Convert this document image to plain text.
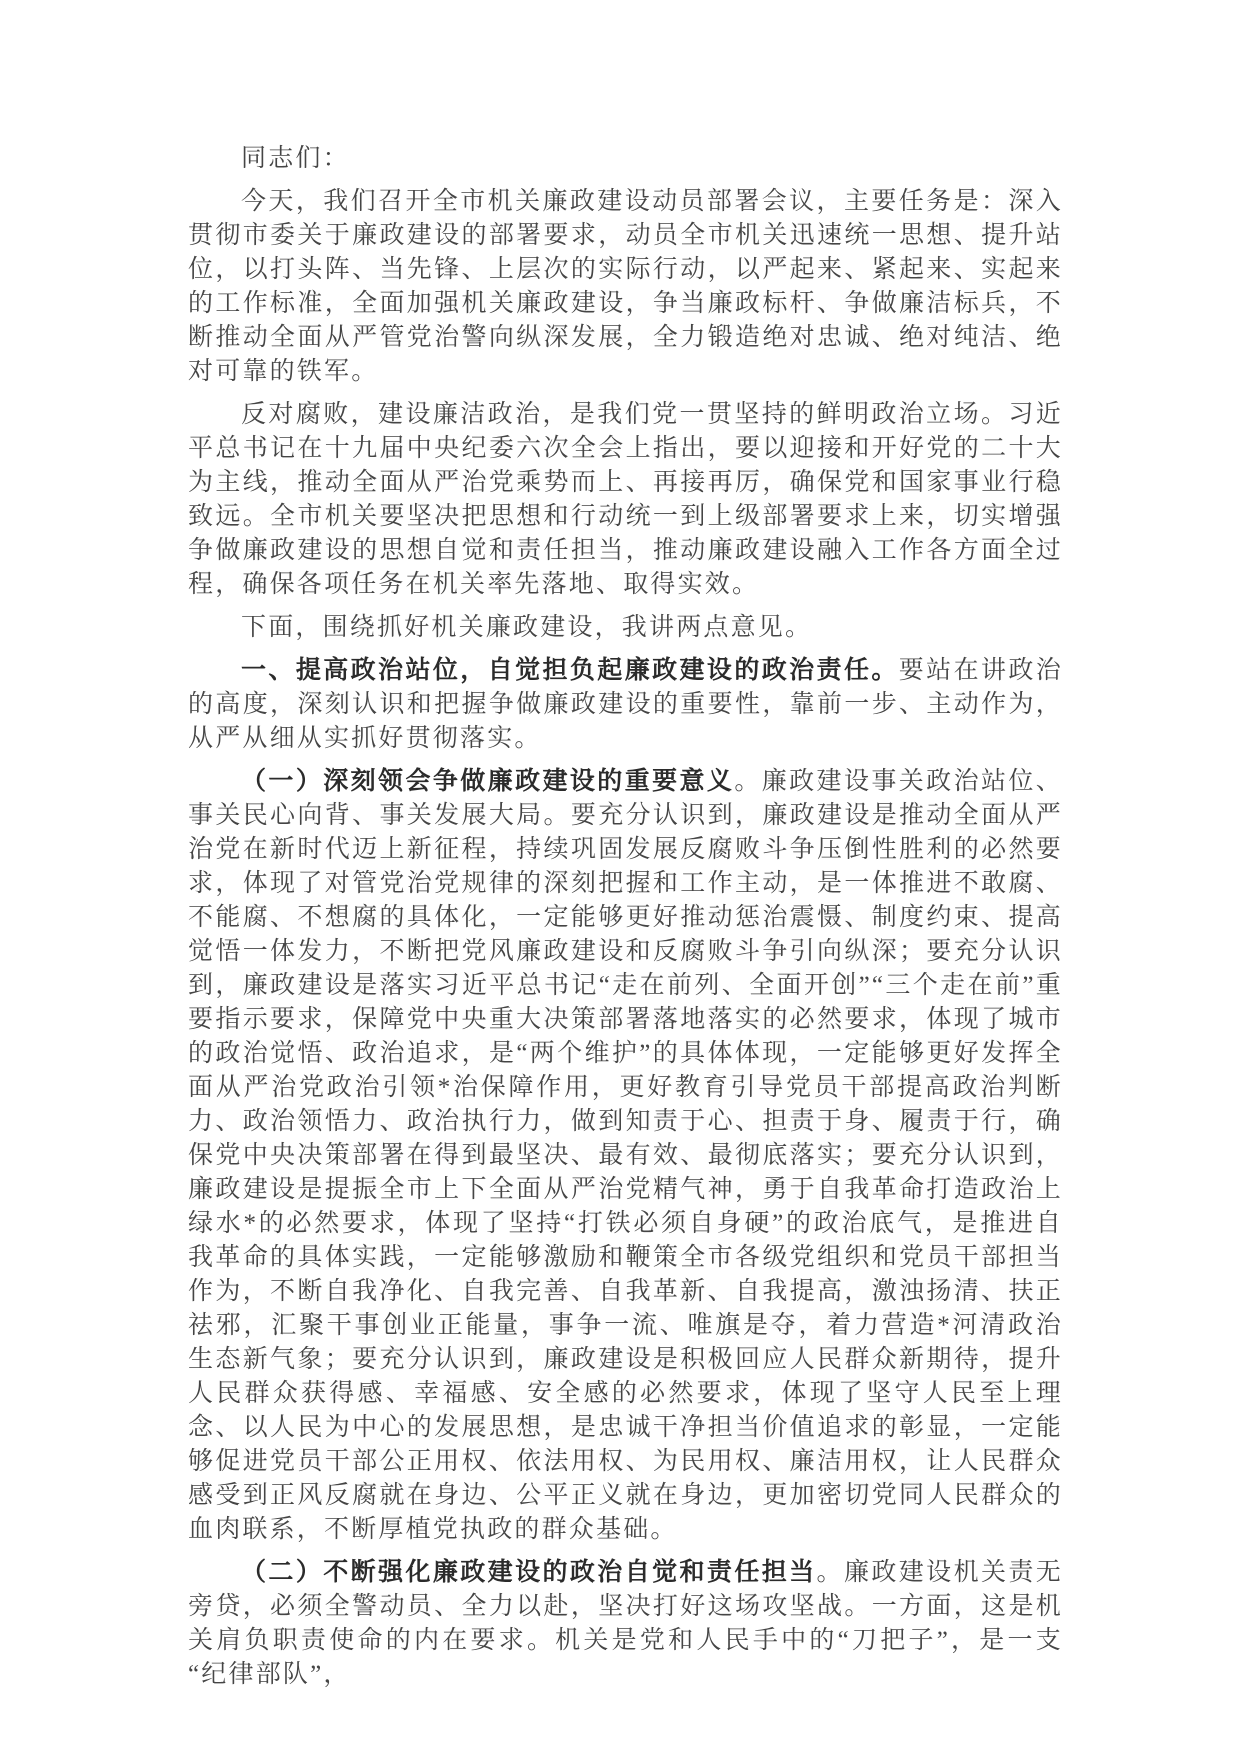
同志们：

今天，我们召开全市机关廉政建设动员部署会议，主要任务是：深入贯彻市委关于廉政建设的部署要求，动员全市机关迅速统一思想、提升站位，以打头阵、当先锋、上层次的实际行动，以严起来、紧起来、实起来的工作标准，全面加强机关廉政建设，争当廉政标杆、争做廉洁标兵，不断推动全面从严管党治警向纵深发展，全力锻造绝对忠诚、绝对纯洁、绝对可靠的铁军。

反对腐败，建设廉洁政治，是我们党一贯坚持的鲜明政治立场。习近平总书记在十九届中央纪委六次全会上指出，要以迎接和开好党的二十大为主线，推动全面从严治党乘势而上、再接再厉，确保党和国家事业行稳致远。全市机关要坚决把思想和行动统一到上级部署要求上来，切实增强争做廉政建设的思想自觉和责任担当，推动廉政建设融入工作各方面全过程，确保各项任务在机关率先落地、取得实效。

下面，围绕抓好机关廉政建设，我讲两点意见。

一、提高政治站位，自觉担负起廉政建设的政治责任。要站在讲政治的高度，深刻认识和把握争做廉政建设的重要性，靠前一步、主动作为，从严从细从实抓好贯彻落实。

（一）深刻领会争做廉政建设的重要意义。廉政建设事关政治站位、事关民心向背、事关发展大局。要充分认识到，廉政建设是推动全面从严治党在新时代迈上新征程，持续巩固发展反腐败斗争压倒性胜利的必然要求，体现了对管党治党规律的深刻把握和工作主动，是一体推进不敢腐、不能腐、不想腐的具体化，一定能够更好推动惩治震慑、制度约束、提高觉悟一体发力，不断把党风廉政建设和反腐败斗争引向纵深；要充分认识到，廉政建设是落实习近平总书记“走在前列、全面开创”“三个走在前”重要指示要求，保障党中央重大决策部署落地落实的必然要求，体现了城市的政治觉悟、政治追求，是“两个维护”的具体体现，一定能够更好发挥全面从严治党政治引领*治保障作用，更好教育引导党员干部提高政治判断力、政治领悟力、政治执行力，做到知责于心、担责于身、履责于行，确保党中央决策部署在得到最坚决、最有效、最彻底落实；要充分认识到，廉政建设是提振全市上下全面从严治党精气神，勇于自我革命打造政治上绿水*的必然要求，体现了坚持“打铁必须自身硬”的政治底气，是推进自我革命的具体实践，一定能够激励和鞭策全市各级党组织和党员干部担当作为，不断自我净化、自我完善、自我革新、自我提高，激浊扬清、扶正祛邪，汇聚干事创业正能量，事争一流、唯旗是夺，着力营造*河清政治生态新气象；要充分认识到，廉政建设是积极回应人民群众新期待，提升人民群众获得感、幸福感、安全感的必然要求，体现了坚守人民至上理念、以人民为中心的发展思想，是忠诚干净担当价值追求的彰显，一定能够促进党员干部公正用权、依法用权、为民用权、廉洁用权，让人民群众感受到正风反腐就在身边、公平正义就在身边，更加密切党同人民群众的血肉联系，不断厚植党执政的群众基础。

（二）不断强化廉政建设的政治自觉和责任担当。廉政建设机关责无旁贷，必须全警动员、全力以赴，坚决打好这场攻坚战。一方面，这是机关肩负职责使命的内在要求。机关是党和人民手中的“刀把子”，是一支“纪律部队”，
